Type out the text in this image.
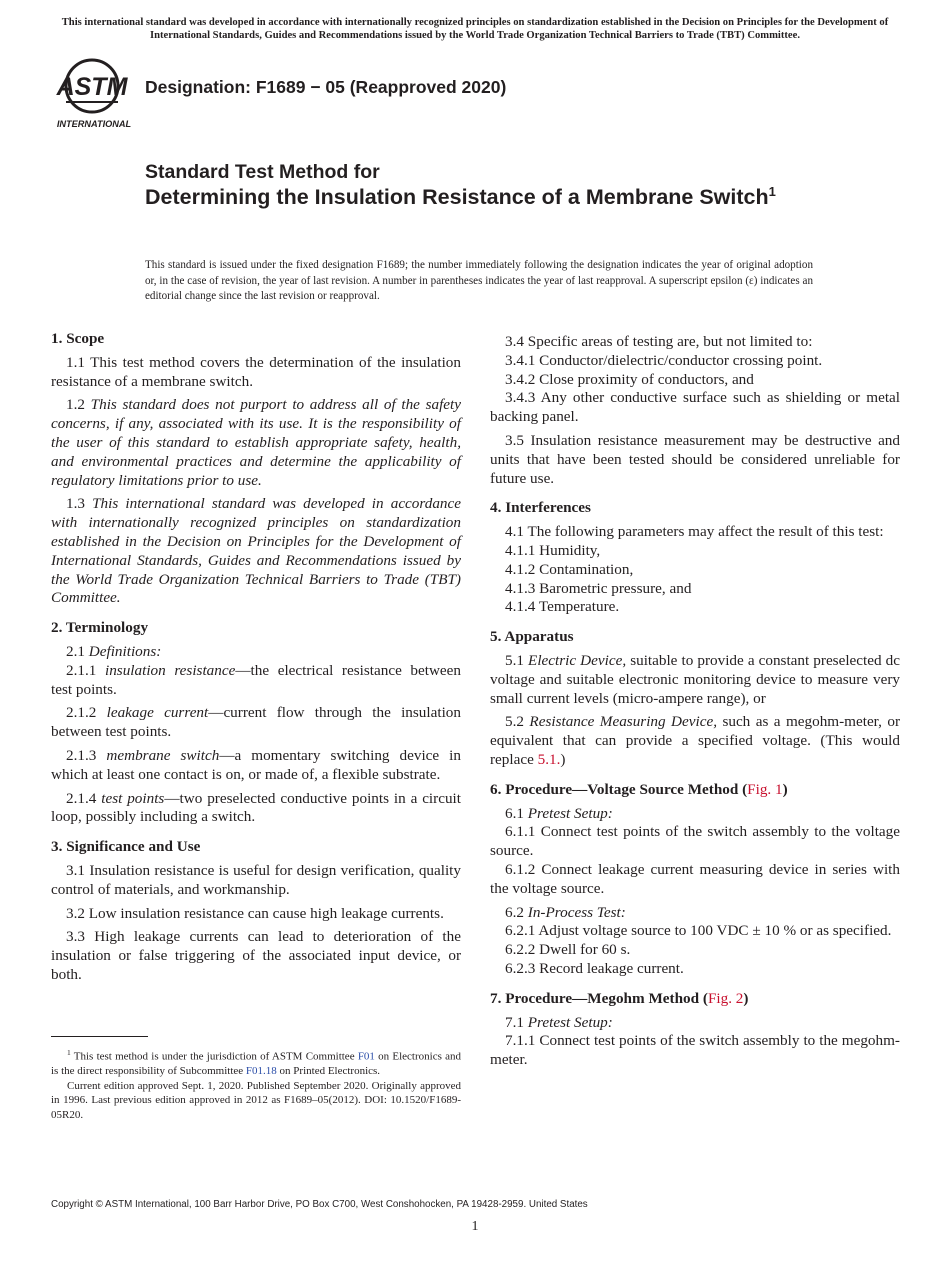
This international standard was developed in accordance with internationally recognized principles on standardization established in the Decision on Principles for the Development of International Standards, Guides and Recommendations issued by the World Trade Organization Technical Barriers to Trade (TBT) Committee.
ASTM
INTERNATIONAL
Designation: F1689 − 05 (Reapproved 2020)
Standard Test Method for
Determining the Insulation Resistance of a Membrane Switch$^1$
This standard is issued under the fixed designation F1689; the number immediately following the designation indicates the year of original adoption or, in the case of revision, the year of last revision. A number in parentheses indicates the year of last reapproval. A superscript epsilon (ε) indicates an editorial change since the last revision or reapproval.

1. Scope

1.1 This test method covers the determination of the insulation resistance of a membrane switch.

1.2 This standard does not purport to address all of the safety concerns, if any, associated with its use. It is the responsibility of the user of this standard to establish appropriate safety, health, and environmental practices and determine the applicability of regulatory limitations prior to use.

1.3 This international standard was developed in accordance with internationally recognized principles on standardization established in the Decision on Principles for the Development of International Standards, Guides and Recommendations issued by the World Trade Organization Technical Barriers to Trade (TBT) Committee.

2. Terminology

2.1 Definitions:

2.1.1 insulation resistance—the electrical resistance between test points.

2.1.2 leakage current—current flow through the insulation between test points.

2.1.3 membrane switch—a momentary switching device in which at least one contact is on, or made of, a flexible substrate.

2.1.4 test points—two preselected conductive points in a circuit loop, possibly including a switch.

3. Significance and Use

3.1 Insulation resistance is useful for design verification, quality control of materials, and workmanship.

3.2 Low insulation resistance can cause high leakage currents.

3.3 High leakage currents can lead to deterioration of the insulation or false triggering of the associated input device, or both.

$^1$ This test method is under the jurisdiction of ASTM Committee F01 on Electronics and is the direct responsibility of Subcommittee F01.18 on Printed Electronics.

Current edition approved Sept. 1, 2020. Published September 2020. Originally approved in 1996. Last previous edition approved in 2012 as F1689–05(2012). DOI: 10.1520/F1689-05R20.

3.4 Specific areas of testing are, but not limited to:

3.4.1 Conductor/dielectric/conductor crossing point.

3.4.2 Close proximity of conductors, and

3.4.3 Any other conductive surface such as shielding or metal backing panel.

3.5 Insulation resistance measurement may be destructive and units that have been tested should be considered unreliable for future use.

4. Interferences

4.1 The following parameters may affect the result of this test:

4.1.1 Humidity,

4.1.2 Contamination,

4.1.3 Barometric pressure, and

4.1.4 Temperature.

5. Apparatus

5.1 Electric Device, suitable to provide a constant preselected dc voltage and suitable electronic monitoring device to measure very small current levels (micro-ampere range), or

5.2 Resistance Measuring Device, such as a megohm-meter, or equivalent that can provide a specified voltage. (This would replace 5.1.)

6. Procedure—Voltage Source Method (Fig. 1)

6.1 Pretest Setup:

6.1.1 Connect test points of the switch assembly to the voltage source.

6.1.2 Connect leakage current measuring device in series with the voltage source.

6.2 In-Process Test:

6.2.1 Adjust voltage source to 100 VDC ± 10 % or as specified.

6.2.2 Dwell for 60 s.

6.2.3 Record leakage current.

7. Procedure—Megohm Method (Fig. 2)

7.1 Pretest Setup:

7.1.1 Connect test points of the switch assembly to the megohm-meter.

Copyright © ASTM International, 100 Barr Harbor Drive, PO Box C700, West Conshohocken, PA 19428-2959. United States
1
